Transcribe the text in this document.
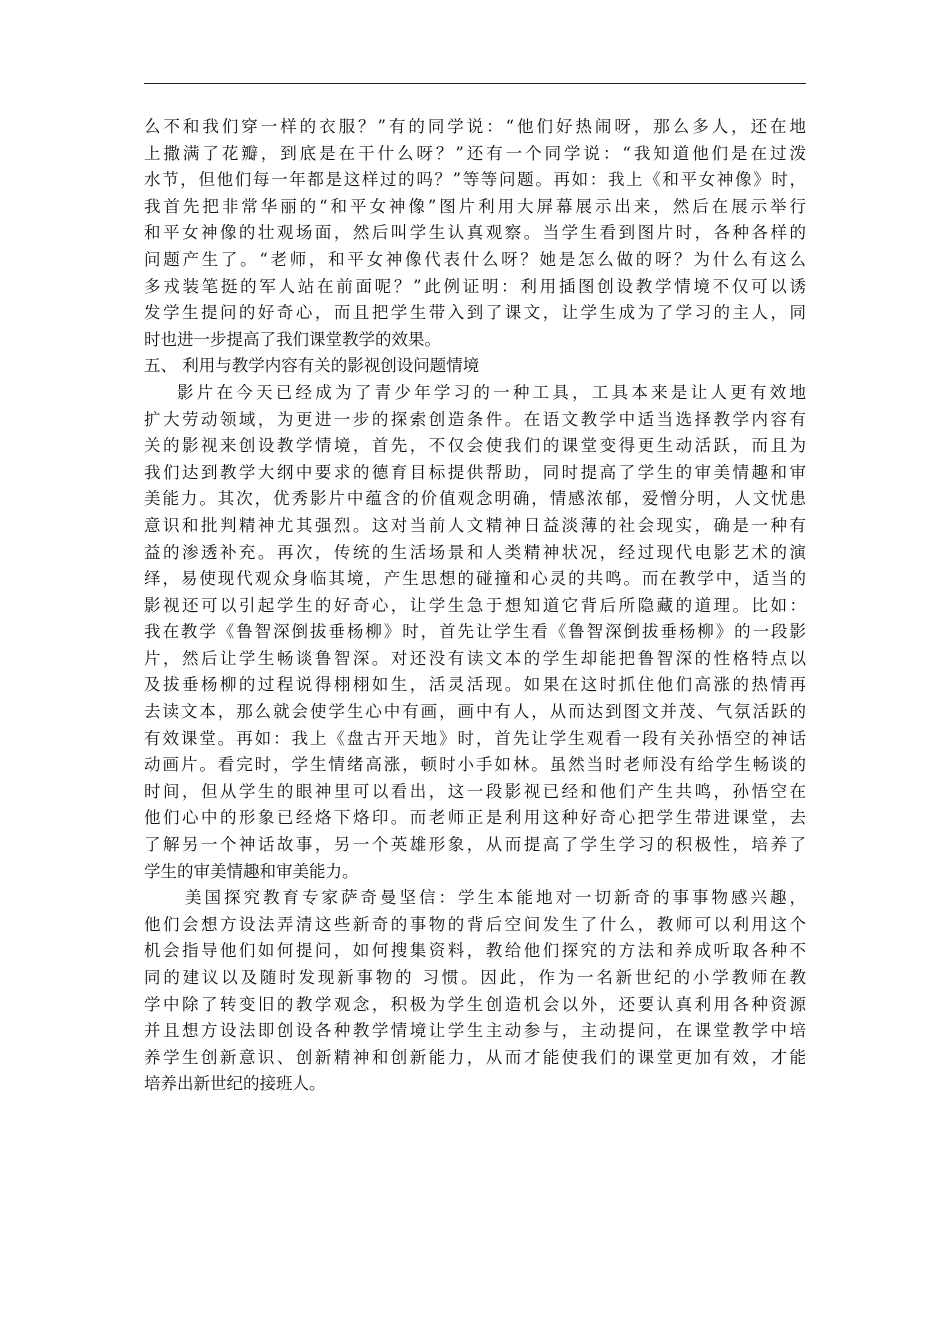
么不和我们穿一样的衣服？”有的同学说：“他们好热闹呀，那么多人，还在地
上撒满了花瓣，到底是在干什么呀？”还有一个同学说：“我知道他们是在过泼
水节，但他们每一年都是这样过的吗？”等等问题。再如：我上《和平女神像》时，
我首先把非常华丽的“和平女神像”图片利用大屏幕展示出来，然后在展示举行
和平女神像的壮观场面，然后叫学生认真观察。当学生看到图片时，各种各样的
问题产生了。“老师，和平女神像代表什么呀？她是怎么做的呀？为什么有这么
多戎装笔挺的军人站在前面呢？”此例证明：利用插图创设教学情境不仅可以诱
发学生提问的好奇心，而且把学生带入到了课文，让学生成为了学习的主人，同
时也进一步提高了我们课堂教学的效果。
五、 利用与教学内容有关的影视创设问题情境
影片在今天已经成为了青少年学习的一种工具，工具本来是让人更有效地
扩大劳动领域，为更进一步的探索创造条件。在语文教学中适当选择教学内容有
关的影视来创设教学情境，首先，不仅会使我们的课堂变得更生动活跃，而且为
我们达到教学大纲中要求的德育目标提供帮助，同时提高了学生的审美情趣和审
美能力。其次，优秀影片中蕴含的价值观念明确，情感浓郁，爱憎分明，人文忧患
意识和批判精神尤其强烈。这对当前人文精神日益淡薄的社会现实，确是一种有
益的渗透补充。再次，传统的生活场景和人类精神状况，经过现代电影艺术的演
绎，易使现代观众身临其境，产生思想的碰撞和心灵的共鸣。而在教学中，适当的
影视还可以引起学生的好奇心，让学生急于想知道它背后所隐藏的道理。比如：
我在教学《鲁智深倒拔垂杨柳》时，首先让学生看《鲁智深倒拔垂杨柳》的一段影
片，然后让学生畅谈鲁智深。对还没有读文本的学生却能把鲁智深的性格特点以
及拔垂杨柳的过程说得栩栩如生，活灵活现。如果在这时抓住他们高涨的热情再
去读文本，那么就会使学生心中有画，画中有人，从而达到图文并茂、气氛活跃的
有效课堂。再如：我上《盘古开天地》时，首先让学生观看一段有关孙悟空的神话
动画片。看完时，学生情绪高涨，顿时小手如林。虽然当时老师没有给学生畅谈的
时间，但从学生的眼神里可以看出，这一段影视已经和他们产生共鸣，孙悟空在
他们心中的形象已经烙下烙印。而老师正是利用这种好奇心把学生带进课堂，去
了解另一个神话故事，另一个英雄形象，从而提高了学生学习的积极性，培养了
学生的审美情趣和审美能力。
美国探究教育专家萨奇曼坚信：学生本能地对一切新奇的事事物感兴趣，
他们会想方设法弄清这些新奇的事物的背后空间发生了什么，教师可以利用这个
机会指导他们如何提问，如何搜集资料，教给他们探究的方法和养成听取各种不
同的建议以及随时发现新事物的 习惯。因此，作为一名新世纪的小学教师在教
学中除了转变旧的教学观念，积极为学生创造机会以外，还要认真利用各种资源
并且想方设法即创设各种教学情境让学生主动参与，主动提问，在课堂教学中培
养学生创新意识、创新精神和创新能力，从而才能使我们的课堂更加有效，才能
培养出新世纪的接班人。
